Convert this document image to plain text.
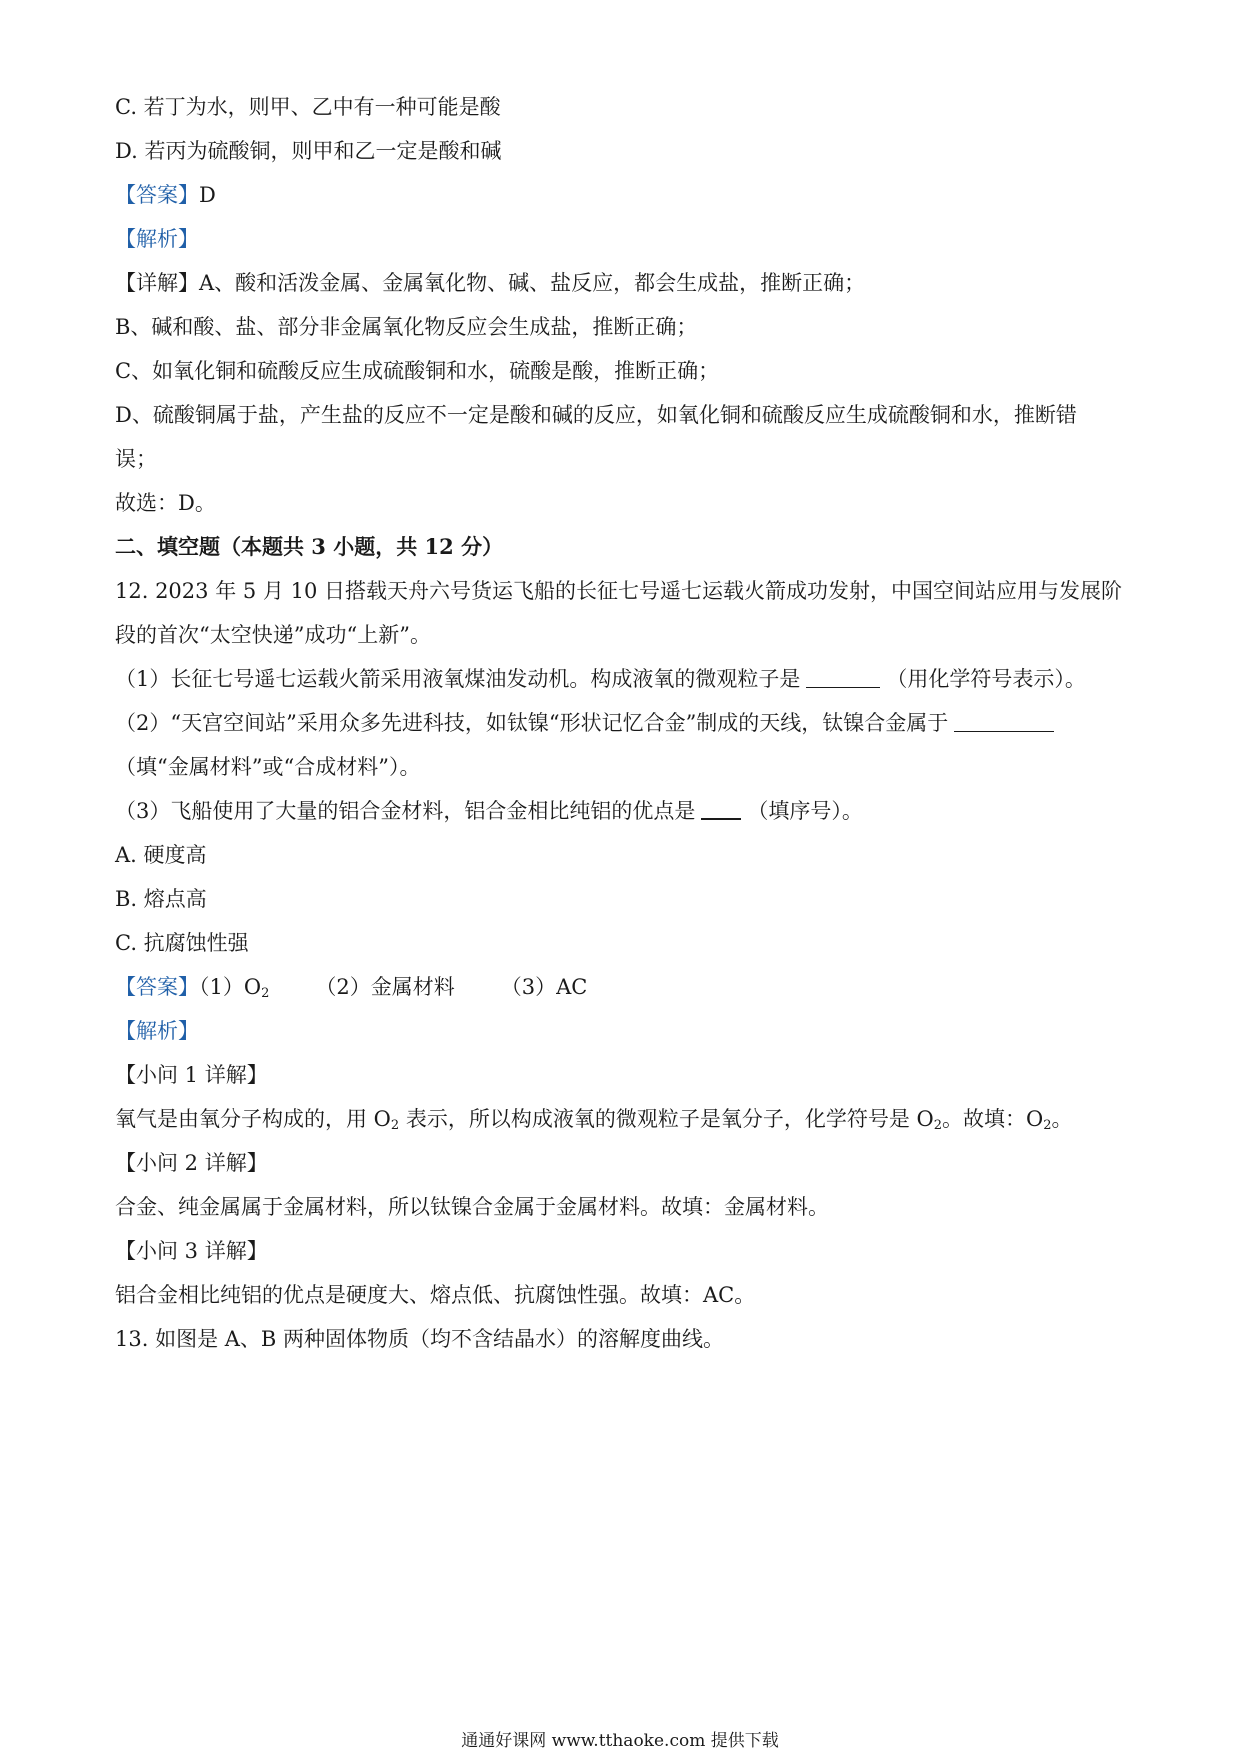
C. 若丁为水，则甲、乙中有一种可能是酸
D. 若丙为硫酸铜，则甲和乙一定是酸和碱
【答案】D
【解析】
【详解】A、酸和活泼金属、金属氧化物、碱、盐反应，都会生成盐，推断正确；
B、碱和酸、盐、部分非金属氧化物反应会生成盐，推断正确；
C、如氧化铜和硫酸反应生成硫酸铜和水，硫酸是酸，推断正确；
D、硫酸铜属于盐，产生盐的反应不一定是酸和碱的反应，如氧化铜和硫酸反应生成硫酸铜和水，推断错
误；
故选：D。
二、填空题（本题共 3 小题，共 12 分）
12. 2023 年 5 月 10 日搭载天舟六号货运飞船的长征七号遥七运载火箭成功发射，中国空间站应用与发展阶
段的首次“太空快递”成功“上新”。
（1）长征七号遥七运载火箭采用液氧煤油发动机。构成液氧的微观粒子是	（用化学符号表示）。
（2）“天宫空间站”采用众多先进科技，如钛镍“形状记忆合金”制成的天线，钛镍合金属于
（填“金属材料”或“合成材料”）。
（3）飞船使用了大量的铝合金材料，铝合金相比纯铝的优点是 （填序号）。
A. 硬度高
B. 熔点高
C. 抗腐蚀性强
【答案】$(1)O_2$ （2）金属材料 （3）AC
【解析】
【小问 1 详解】
氧气是由氧分子构成的，用 $O_2$ 表示，所以构成液氧的微观粒子是氧分子，化学符号是 $O_2$。故填：$O_2$。
【小问 2 详解】
合金、纯金属属于金属材料，所以钛镍合金属于金属材料。故填：金属材料。
【小问 3 详解】
铝合金相比纯铝的优点是硬度大、熔点低、抗腐蚀性强。故填：AC。
13. 如图是 A、B 两种固体物质（均不含结晶水）的溶解度曲线。
通通好课网 www.tthaoke.com 提供下载
